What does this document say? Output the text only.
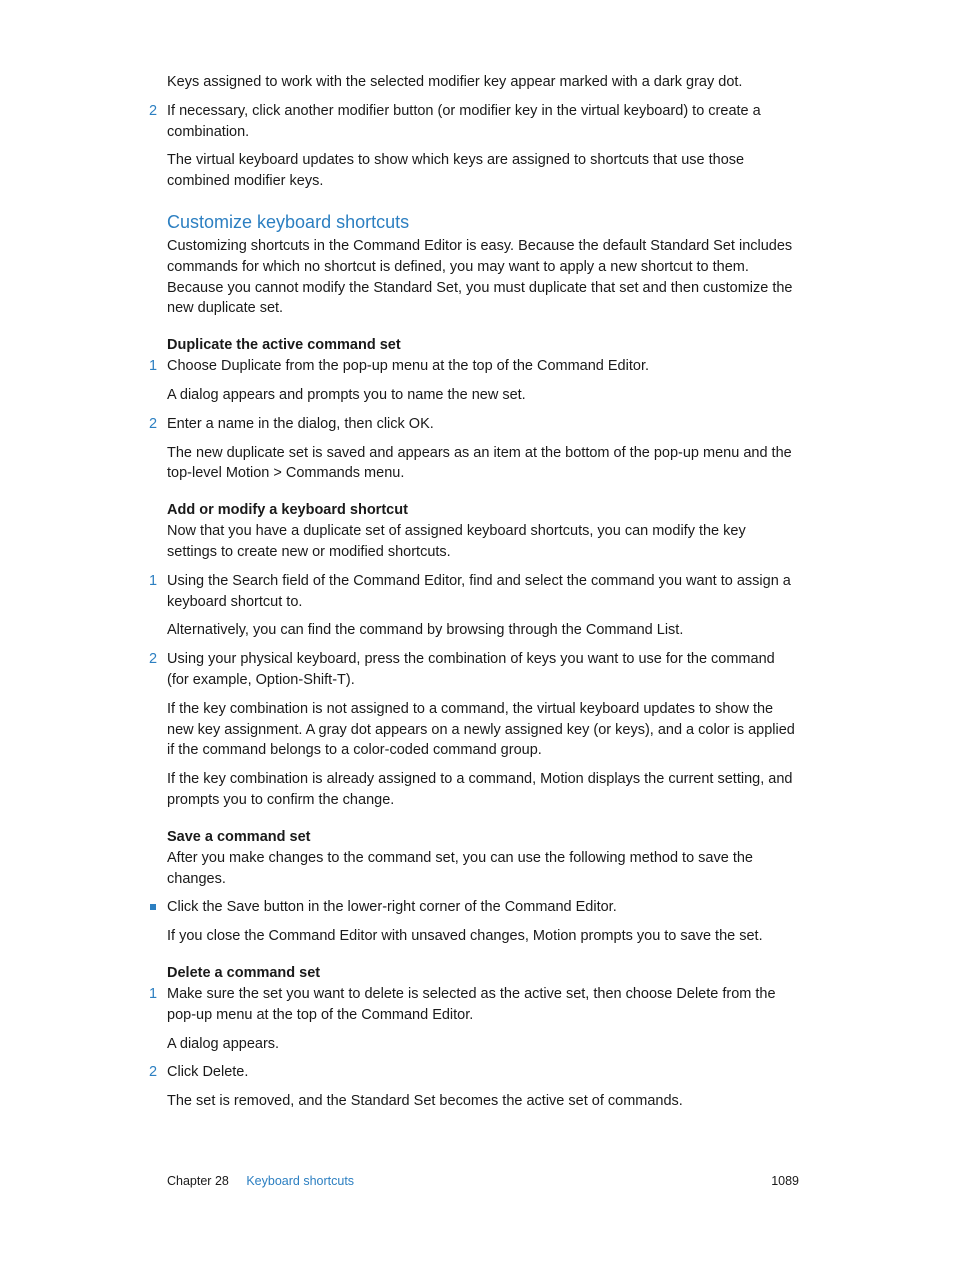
Keys assigned to work with the selected modifier key appear marked with a dark gray dot.

2 If necessary, click another modifier button (or modifier key in the virtual keyboard) to create a combination.

The virtual keyboard updates to show which keys are assigned to shortcuts that use those combined modifier keys.

Customize keyboard shortcuts

Customizing shortcuts in the Command Editor is easy. Because the default Standard Set includes commands for which no shortcut is defined, you may want to apply a new shortcut to them. Because you cannot modify the Standard Set, you must duplicate that set and then customize the new duplicate set.

Duplicate the active command set
1 Choose Duplicate from the pop-up menu at the top of the Command Editor.

A dialog appears and prompts you to name the new set.

2 Enter a name in the dialog, then click OK.

The new duplicate set is saved and appears as an item at the bottom of the pop-up menu and the top-level Motion > Commands menu.

Add or modify a keyboard shortcut

Now that you have a duplicate set of assigned keyboard shortcuts, you can modify the key settings to create new or modified shortcuts.

1 Using the Search field of the Command Editor, find and select the command you want to assign a keyboard shortcut to.

Alternatively, you can find the command by browsing through the Command List.

2 Using your physical keyboard, press the combination of keys you want to use for the command (for example, Option-Shift-T).

If the key combination is not assigned to a command, the virtual keyboard updates to show the new key assignment. A gray dot appears on a newly assigned key (or keys), and a color is applied if the command belongs to a color-coded command group.

If the key combination is already assigned to a command, Motion displays the current setting, and prompts you to confirm the change.

Save a command set

After you make changes to the command set, you can use the following method to save the changes.

Click the Save button in the lower-right corner of the Command Editor.

If you close the Command Editor with unsaved changes, Motion prompts you to save the set.

Delete a command set
1 Make sure the set you want to delete is selected as the active set, then choose Delete from the pop-up menu at the top of the Command Editor.

A dialog appears.

2 Click Delete.

The set is removed, and the Standard Set becomes the active set of commands.

Chapter 28 Keyboard shortcuts	1089
